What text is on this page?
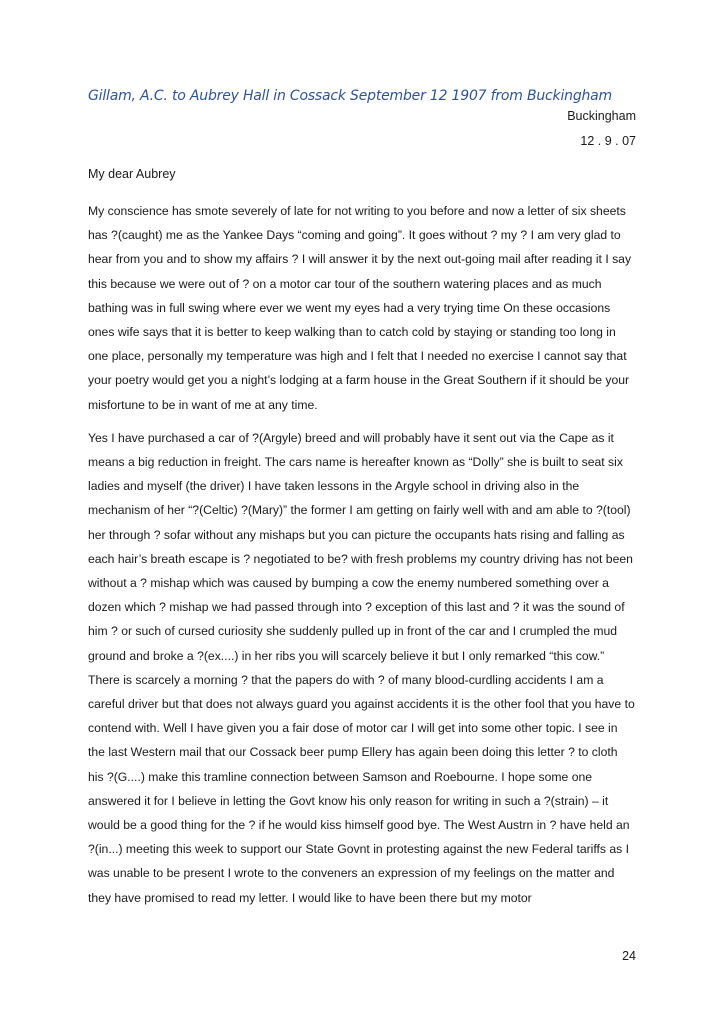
Gillam, A.C. to Aubrey Hall in Cossack September 12 1907 from Buckingham
Buckingham
12 . 9 . 07
My dear Aubrey

My conscience has smote severely of late for not writing to you before and now a letter of six sheets has ?(caught) me as the Yankee Days “coming and going”. It goes without ? my ? I am very glad to hear from you and to show my affairs ? I will answer it by the next out-going mail after reading it I say this because we were out of ? on a motor car tour of the southern watering places and as much bathing was in full swing where ever we went my eyes had a very trying time On these occasions ones wife says that it is better to keep walking than to catch cold by staying or standing too long in one place, personally my temperature was high and I felt that I needed no exercise I cannot say that your poetry would get you a night’s lodging at a farm house in the Great Southern if it should be your misfortune to be in want of me at any time.

Yes I have purchased a car of ?(Argyle) breed and will probably have it sent out via the Cape as it means a big reduction in freight. The cars name is hereafter known as “Dolly” she is built to seat six ladies and myself (the driver) I have taken lessons in the Argyle school in driving also in the mechanism of her “?(Celtic) ?(Mary)” the former I am getting on fairly well with and am able to ?(tool) her through ? sofar without any mishaps but you can picture the occupants hats rising and falling as each hair’s breath escape is ? negotiated to be? with fresh problems my country driving has not been without a ? mishap which was caused by bumping a cow the enemy numbered something over a dozen which ? mishap we had passed through into ? exception of this last and ? it was the sound of him ? or such of cursed curiosity she suddenly pulled up in front of the car and I crumpled the mud ground and broke a ?(ex....) in her ribs you will scarcely believe it but I only remarked “this cow.” There is scarcely a morning ? that the papers do with ? of many blood-curdling accidents I am a careful driver but that does not always guard you against accidents it is the other fool that you have to contend with. Well I have given you a fair dose of motor car I will get into some other topic. I see in the last Western mail that our Cossack beer pump Ellery has again been doing this letter ? to cloth his ?(G....) make this tramline connection between Samson and Roebourne. I hope some one answered it for I believe in letting the Govt know his only reason for writing in such a ?(strain) – it would be a good thing for the ? if he would kiss himself good bye. The West Austrn in ? have held an ?(in...) meeting this week to support our State Govnt in protesting against the new Federal tariffs as I was unable to be present I wrote to the conveners an expression of my feelings on the matter and they have promised to read my letter. I would like to have been there but my motor

24
